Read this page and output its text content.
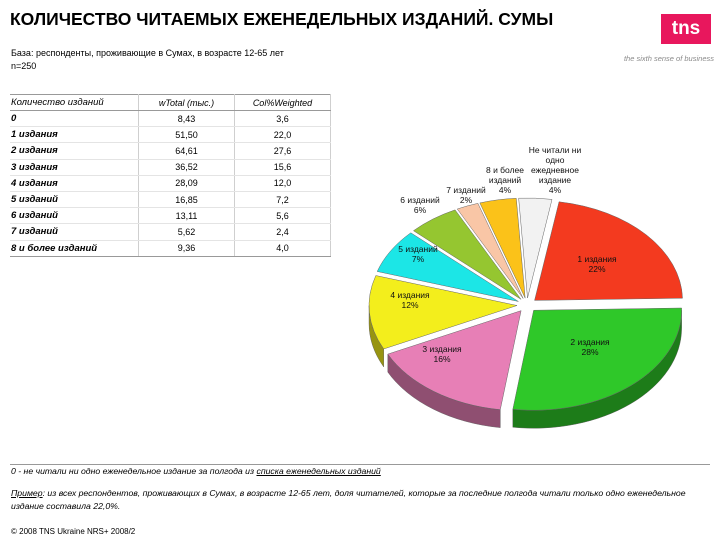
КОЛИЧЕСТВО ЧИТАЕМЫХ ЕЖЕНЕДЕЛЬНЫХ ИЗДАНИЙ. СУМЫ	tns
the sixth sense of business
База: респонденты, проживающие в Сумах, в возрасте 12-65 лет
n=250
Количество изданий	wTotal (тыс.)	Col%Weighted
0	8,43	3,6
1 издания	51,50	22,0
2 издания	64,61	27,6
3 издания	36,52	15,6
4 издания	28,09	12,0
5 изданий	16,85	7,2
6 изданий	13,11	5,6
7 изданий	5,62	2,4
8 и более изданий	9,36	4,0
Не читали ни
одно
ежедневное
издание
4%
1 издания
22%
2 издания
28%
3 издания
16%
4 издания
12%
5 изданий
7%
6 изданий
6%
7 изданий
2%
8 и более
изданий
4%
0 - не читали ни одно еженедельное издание за полгода из списка еженедельных изданий
Пример: из всех респондентов, проживающих в Сумах, в возрасте 12-65 лет, доля читателей, которые за последние полгода читали только одно еженедельное издание составила 22,0%.
© 2008 TNS Ukraine NRS+ 2008/2
